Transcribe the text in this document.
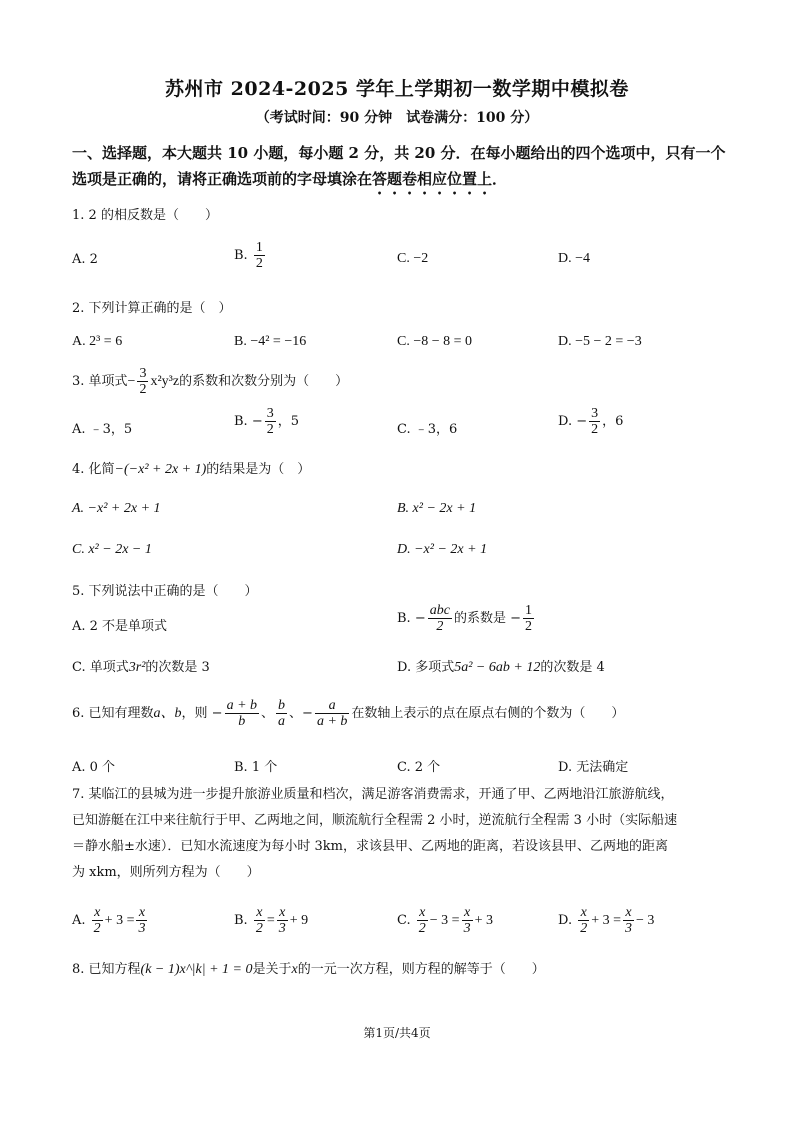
苏州市 2024-2025 学年上学期初一数学期中模拟卷
（考试时间：90 分钟　试卷满分：100 分）
一、选择题，本大题共 10 小题，每小题 2 分，共 20 分．在每小题给出的四个选项中，只有一个选项是正确的，请将正确选项前的字母填涂在答题卷相应位置上．
1. 2 的相反数是（　　）
A. 2	B. $\frac{1}{2}$	C. −2	D. −4
2. 下列计算正确的是（　）
A. 2³ = 6	B. −4² = −16	C. −8 − 8 = 0	D. −5 − 2 = −3
3. 单项式− $\frac{3}{2} x^2y^3z$的系数和次数分别为（　　）
A. ﹣3，5
B. − $\frac{3}{2}$ ，5
C. ﹣3，6
D. − $\frac{3}{2}$ ，6
4. 化简−(−x² + 2x + 1)的结果是为（　）
A. −x² + 2x + 1	B. x² − 2x + 1
C. x² − 2x − 1	D. −x² − 2x + 1
5. 下列说法中正确的是（　　）
A. 2 不是单项式
B. − $\frac{\text{abc}}{2}$ 的系数是 − $\frac{1}{2}$
C. 单项式3r²的次数是 3	D. 多项式5a² − 6ab + 12的次数是 4
6. 已知有理数a、b，则 − $\frac{a + b}{b}$ 、 $\frac{b}{a}$ 、− $\frac{a}{a + b}$ 在数轴上表示的点在原点右侧的个数为（　　）
A. 0 个	B. 1 个	C. 2 个	D. 无法确定
7. 某临江的县城为进一步提升旅游业质量和档次，满足游客消费需求，开通了甲、乙两地沿江旅游航线，
已知游艇在江中来往航行于甲、乙两地之间，顺流航行全程需 2 小时，逆流航行全程需 3 小时（实际船速
＝静水船±水速）．已知水流速度为每小时 3km，求该县甲、乙两地的距离，若设该县甲、乙两地的距离
为 xkm，则所列方程为（　　）
A. $\frac{x}{2} + 3 = \frac{x}{3}$	B. $\frac{x}{2} = \frac{x}{3} + 9$	C. $\frac{x}{2} - 3 = \frac{x}{3} + 3$	D. $\frac{x}{2} + 3 = \frac{x}{3} - 3$
8. 已知方程(k − 1)x^|k| + 1 = 0是关于x的一元一次方程，则方程的解等于（　　）
第1页/共4页
